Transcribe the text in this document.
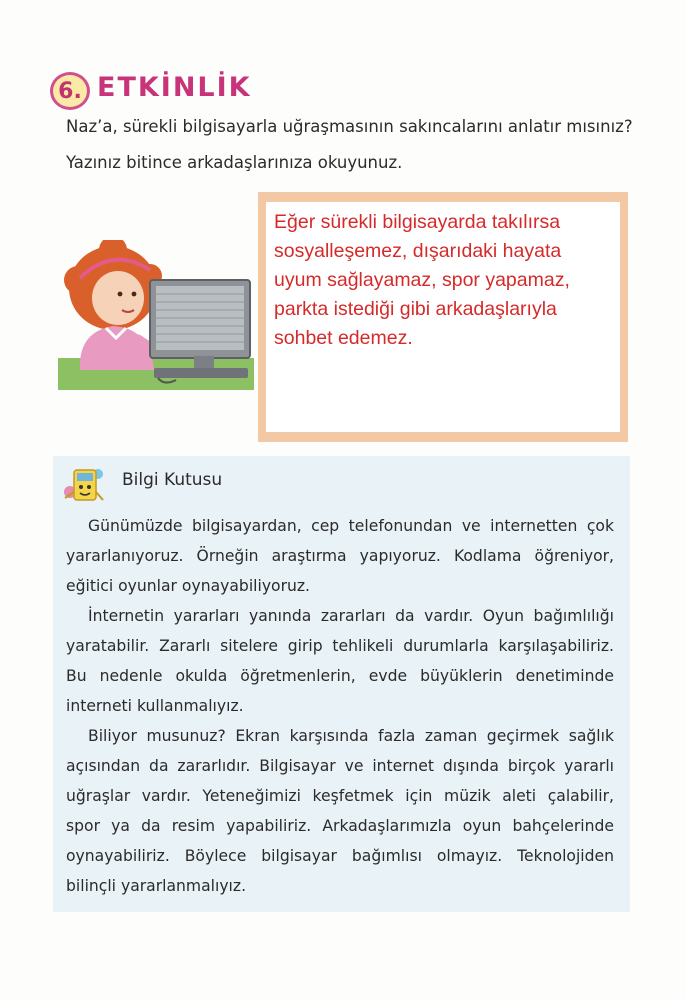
6. ETKİNLİK
Naz’a, sürekli bilgisayarla uğraşmasının sakıncalarını anlatır mısınız?
Yazınız bitince arkadaşlarınıza okuyunuz.
Eğer sürekli bilgisayarda takılırsa
sosyalleşemez, dışarıdaki hayata
uyum sağlayamaz, spor yapamaz,
parkta istediği gibi arkadaşlarıyla
sohbet edemez.
Bilgi Kutusu
Günümüzde bilgisayardan, cep telefonundan ve internetten çok
yararlanıyoruz. Örneğin araştırma yapıyoruz. Kodlama öğreniyor,
eğitici oyunlar oynayabiliyoruz.
İnternetin yararları yanında zararları da vardır. Oyun bağımlılığı
yaratabilir. Zararlı sitelere girip tehlikeli durumlarla karşılaşabiliriz.
Bu nedenle okulda öğretmenlerin, evde büyüklerin denetiminde
interneti kullanmalıyız.
Biliyor musunuz? Ekran karşısında fazla zaman geçirmek sağlık
açısından da zararlıdır. Bilgisayar ve internet dışında birçok yararlı
uğraşlar vardır. Yeteneğimizi keşfetmek için müzik aleti çalabilir,
spor ya da resim yapabiliriz. Arkadaşlarımızla oyun bahçelerinde
oynayabiliriz. Böylece bilgisayar bağımlısı olmayız. Teknolojiden
bilinçli yararlanmalıyız.
